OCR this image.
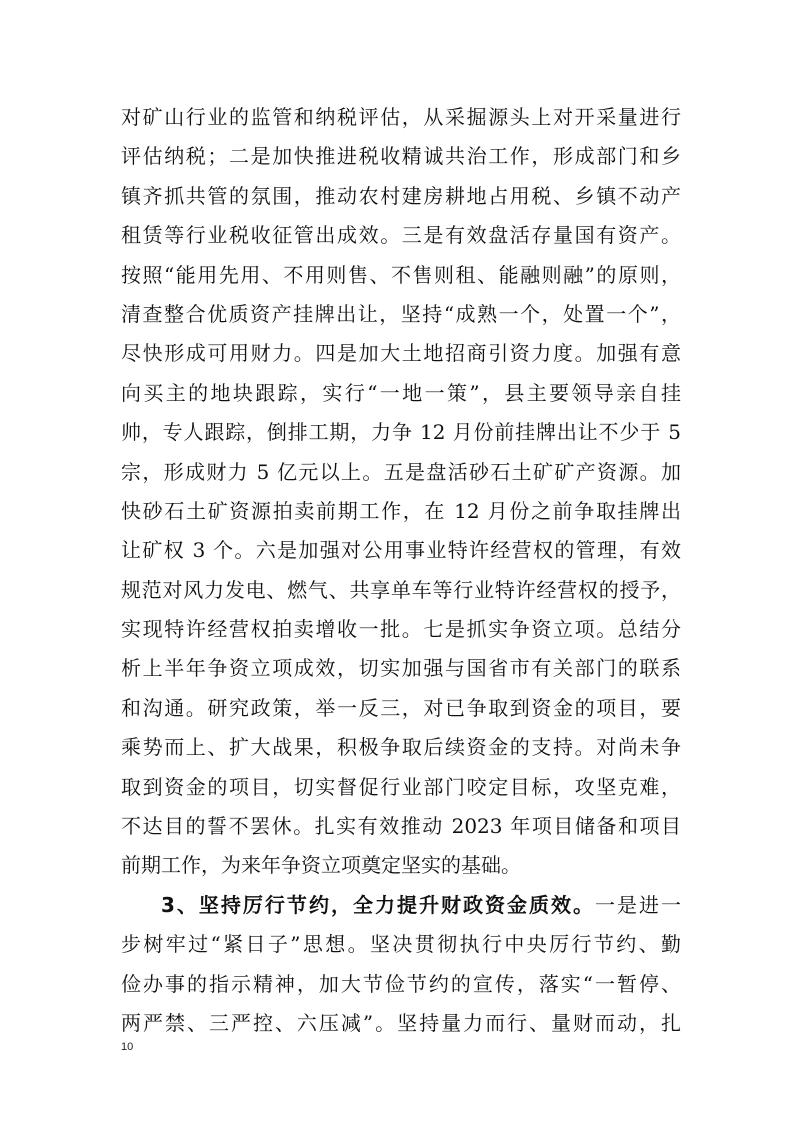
对矿山行业的监管和纳税评估，从采掘源头上对开采量进行
评估纳税；二是加快推进税收精诚共治工作，形成部门和乡
镇齐抓共管的氛围，推动农村建房耕地占用税、乡镇不动产
租赁等行业税收征管出成效。三是有效盘活存量国有资产。
按照“能用先用、不用则售、不售则租、能融则融”的原则，
清查整合优质资产挂牌出让，坚持“成熟一个，处置一个”，
尽快形成可用财力。四是加大土地招商引资力度。加强有意
向买主的地块跟踪，实行“一地一策”，县主要领导亲自挂
帅，专人跟踪，倒排工期，力争 12 月份前挂牌出让不少于 5
宗，形成财力 5 亿元以上。五是盘活砂石土矿矿产资源。加
快砂石土矿资源拍卖前期工作，在 12 月份之前争取挂牌出
让矿权 3 个。六是加强对公用事业特许经营权的管理，有效
规范对风力发电、燃气、共享单车等行业特许经营权的授予，
实现特许经营权拍卖增收一批。七是抓实争资立项。总结分
析上半年争资立项成效，切实加强与国省市有关部门的联系
和沟通。研究政策，举一反三，对已争取到资金的项目，要
乘势而上、扩大战果，积极争取后续资金的支持。对尚未争
取到资金的项目，切实督促行业部门咬定目标，攻坚克难，
不达目的誓不罢休。扎实有效推动 2023 年项目储备和项目
前期工作，为来年争资立项奠定坚实的基础。
3、坚持厉行节约，全力提升财政资金质效。一是进一
步树牢过“紧日子”思想。坚决贯彻执行中央厉行节约、勤
俭办事的指示精神，加大节俭节约的宣传，落实“一暂停、
两严禁、三严控、六压减”。坚持量力而行、量财而动，扎
10
